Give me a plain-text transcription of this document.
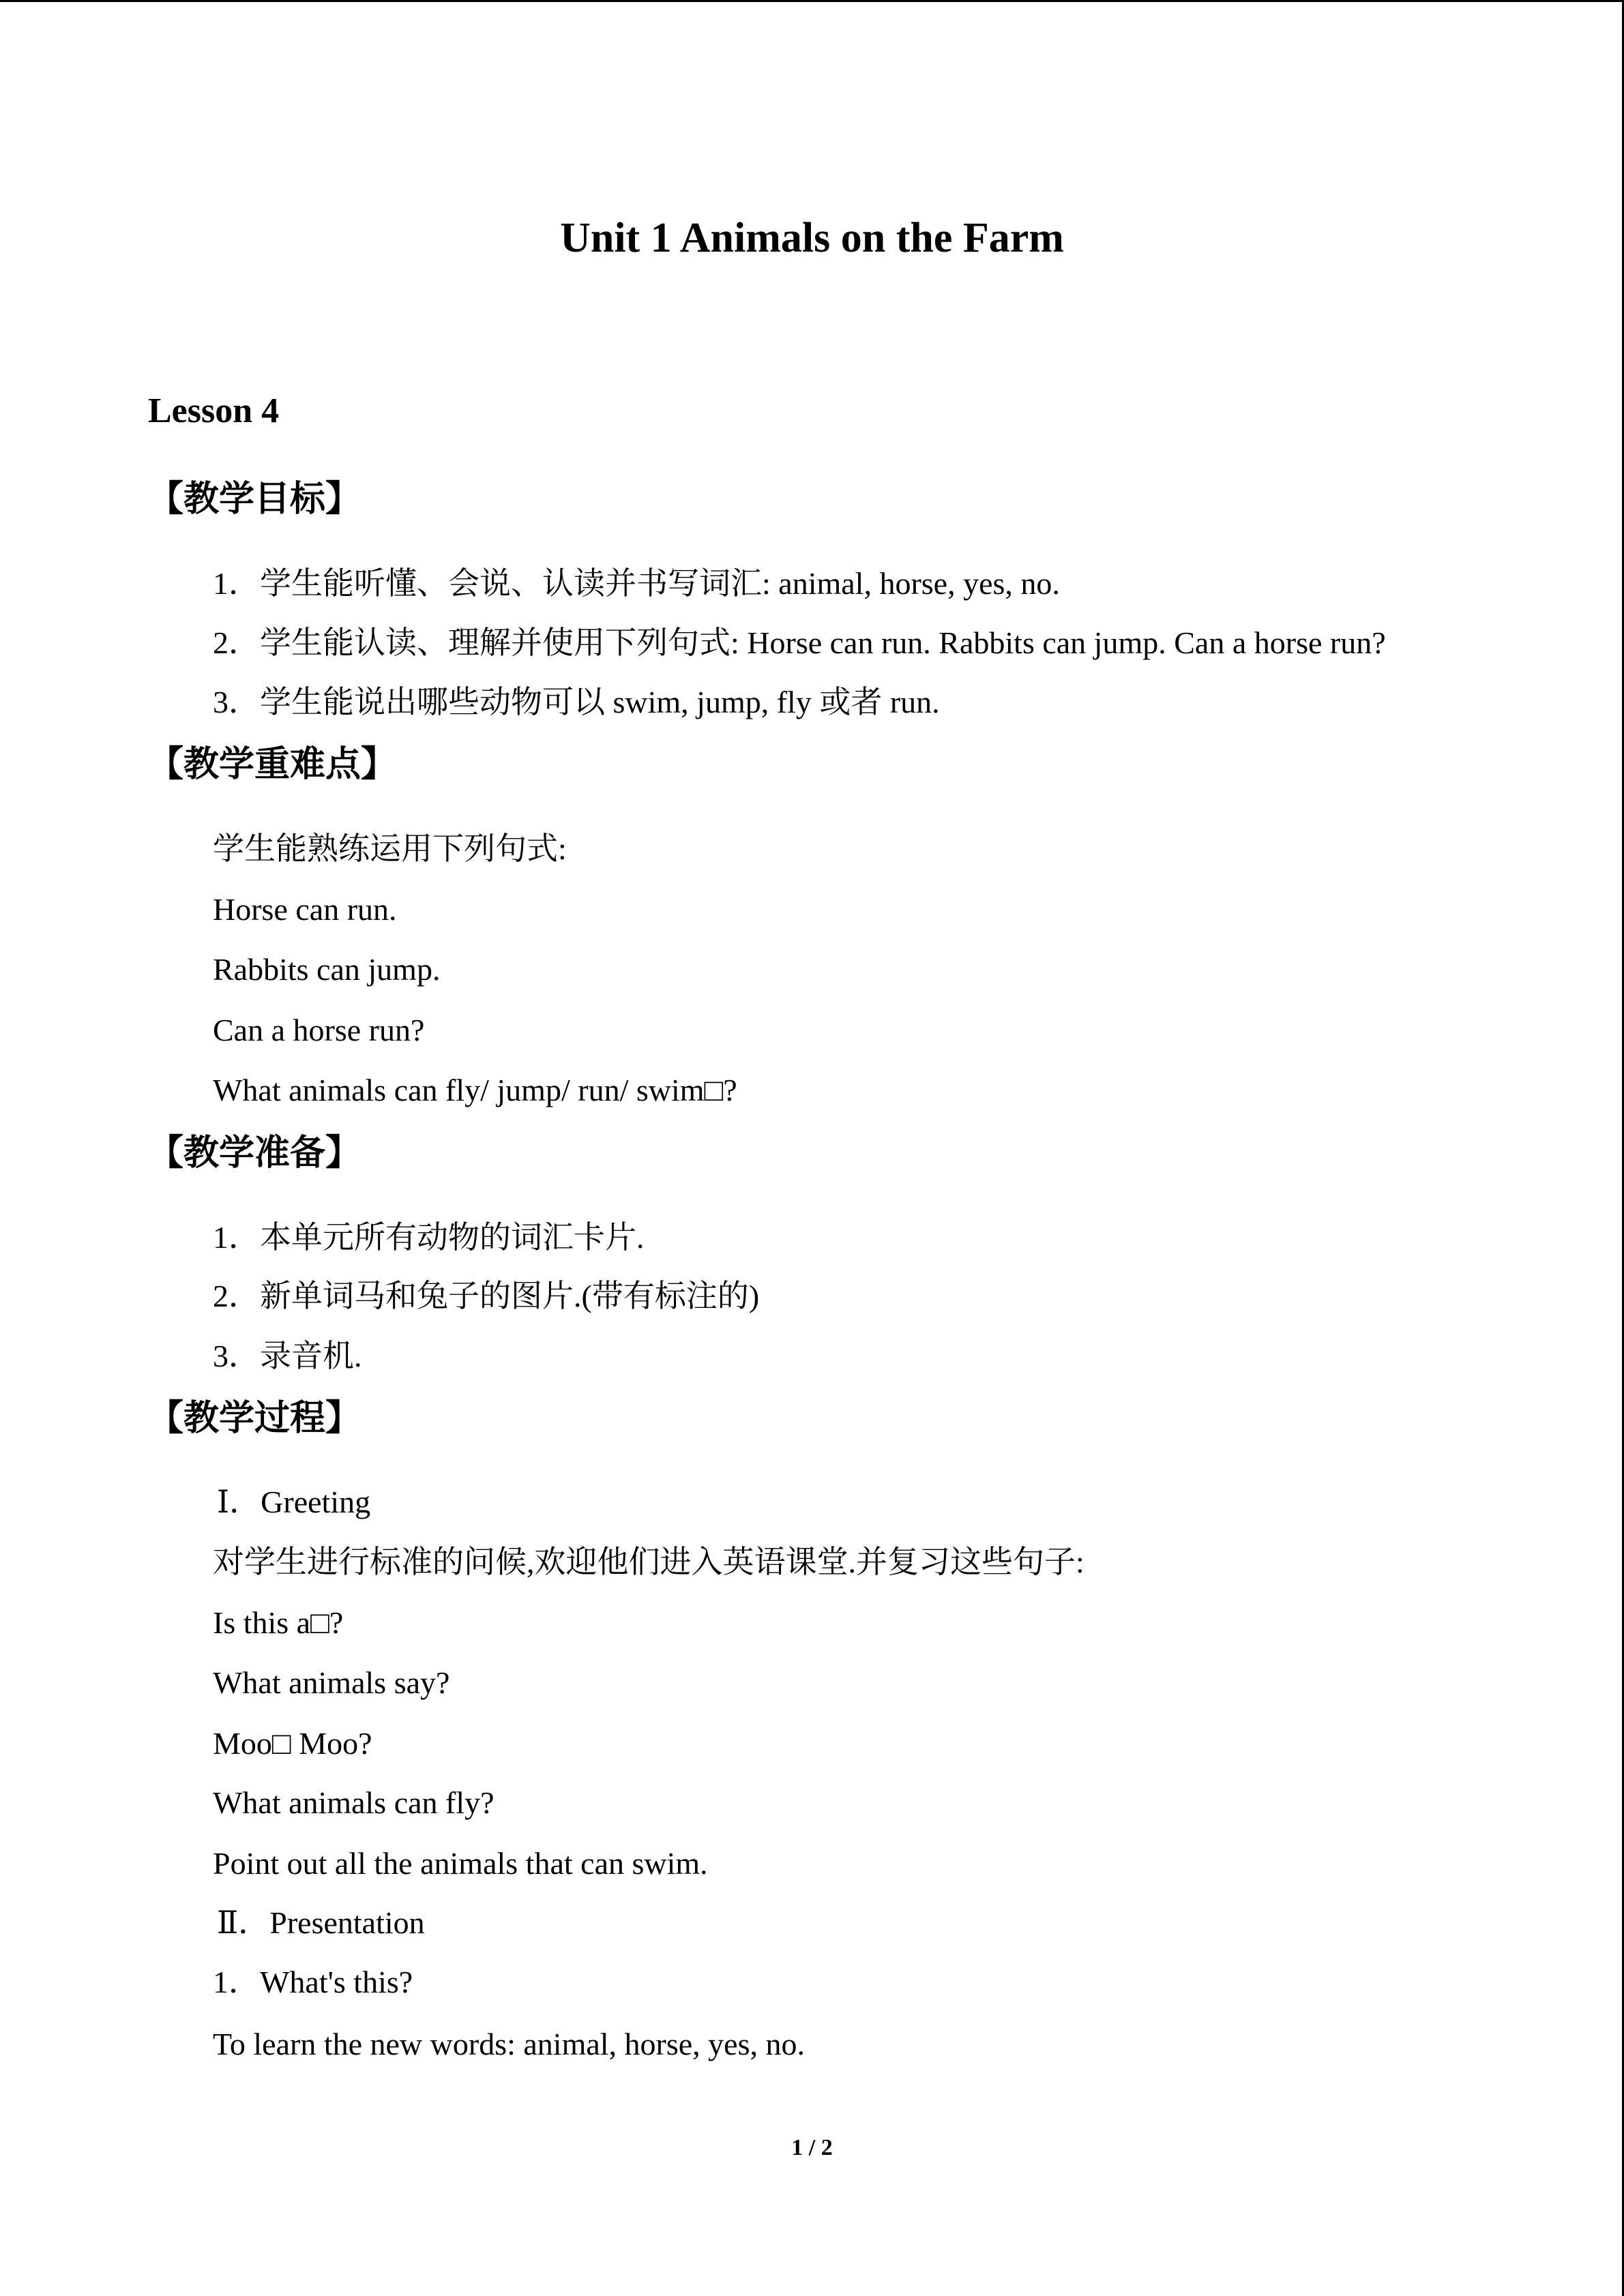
Unit 1 Animals on the Farm
Lesson 4
【教学目标】
1．学生能听懂、会说、认读并书写词汇: animal, horse, yes, no.
2．学生能认读、理解并使用下列句式: Horse can run. Rabbits can jump. Can a horse run?
3．学生能说出哪些动物可以 swim, jump, fly 或者 run.
【教学重难点】
学生能熟练运用下列句式:
Horse can run.
Rabbits can jump.
Can a horse run?
What animals can fly/ jump/ run/ swim□?
【教学准备】
1．本单元所有动物的词汇卡片.
2．新单词马和兔子的图片.(带有标注的)
3．录音机.
【教学过程】
Ⅰ．Greeting
对学生进行标准的问候,欢迎他们进入英语课堂.并复习这些句子:
Is this a□?
What animals say?
Moo□ Moo?
What animals can fly?
Point out all the animals that can swim.
Ⅱ．Presentation
1．What's this?
To learn the new words: animal, horse, yes, no.
1 / 2
